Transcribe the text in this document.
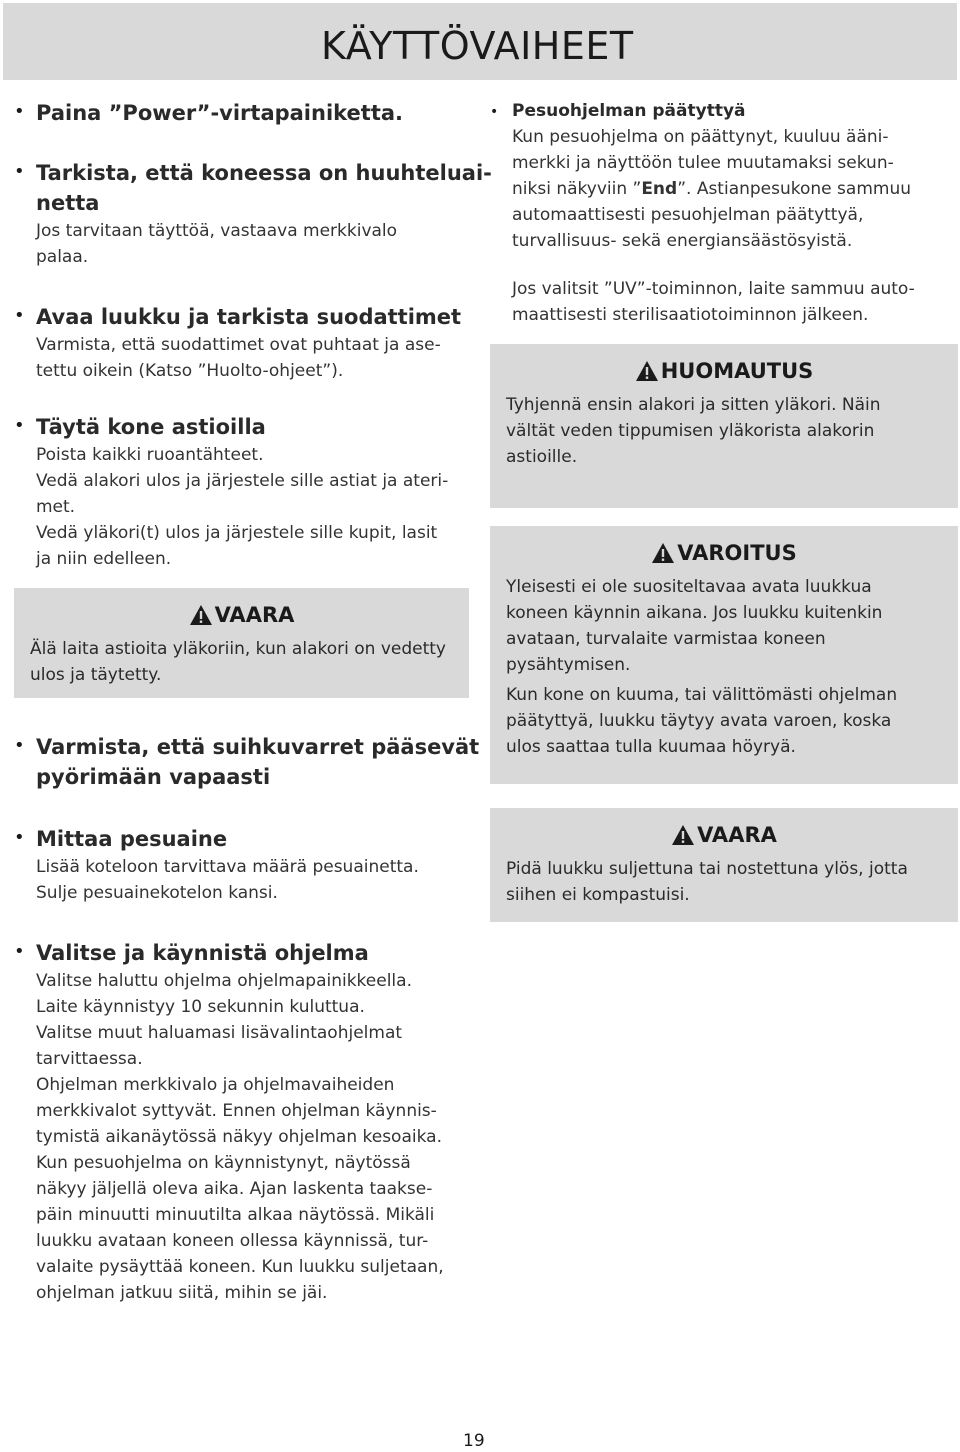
KÄYTTÖVAIHEET
• Paina ”Power”-virtapainiketta.
• Tarkista, että koneessa on huuhteluai-
netta
Jos tarvitaan täyttöä, vastaava merkkivalo
palaa.
• Avaa luukku ja tarkista suodattimet
Varmista, että suodattimet ovat puhtaat ja ase-
tettu oikein (Katso ”Huolto-ohjeet”).
• Täytä kone astioilla
Poista kaikki ruoantähteet.
Vedä alakori ulos ja järjestele sille astiat ja ateri-
met.
Vedä yläkori(t) ulos ja järjestele sille kupit, lasit
ja niin edelleen.
VAARA
Älä laita astioita yläkoriin, kun alakori on vedetty
ulos ja täytetty.
• Varmista, että suihkuvarret pääsevät
pyörimään vapaasti
• Mittaa pesuaine
Lisää koteloon tarvittava määrä pesuainetta.
Sulje pesuainekotelon kansi.
• Valitse ja käynnistä ohjelma
Valitse haluttu ohjelma ohjelmapainikkeella.
Laite käynnistyy 10 sekunnin kuluttua.
Valitse muut haluamasi lisävalintaohjelmat
tarvittaessa.
Ohjelman merkkivalo ja ohjelmavaiheiden
merkkivalot syttyvät. Ennen ohjelman käynnis-
tymistä aikanäytössä näkyy ohjelman kesoaika.
Kun pesuohjelma on käynnistynyt, näytössä
näkyy jäljellä oleva aika. Ajan laskenta taakse-
päin minuutti minuutilta alkaa näytössä. Mikäli
luukku avataan koneen ollessa käynnissä, tur-
valaite pysäyttää koneen. Kun luukku suljetaan,
ohjelman jatkuu siitä, mihin se jäi.
• Pesuohjelman päätyttyä
Kun pesuohjelma on päättynyt, kuuluu ääni-
merkki ja näyttöön tulee muutamaksi sekun-
niksi näkyviin ”End”. Astianpesukone sammuu
automaattisesti pesuohjelman päätyttyä,
turvallisuus- sekä energiansäästösyistä.
Jos valitsit ”UV”-toiminnon, laite sammuu auto-
maattisesti sterilisaatiotoiminnon jälkeen.
HUOMAUTUS
Tyhjennä ensin alakori ja sitten yläkori. Näin
vältät veden tippumisen yläkorista alakorin
astioille.
VAROITUS
Yleisesti ei ole suositeltavaa avata luukkua
koneen käynnin aikana. Jos luukku kuitenkin
avataan, turvalaite varmistaa koneen
pysähtymisen.
Kun kone on kuuma, tai välittömästi ohjelman
päätyttyä, luukku täytyy avata varoen, koska
ulos saattaa tulla kuumaa höyryä.
VAARA
Pidä luukku suljettuna tai nostettuna ylös, jotta
siihen ei kompastuisi.
19
